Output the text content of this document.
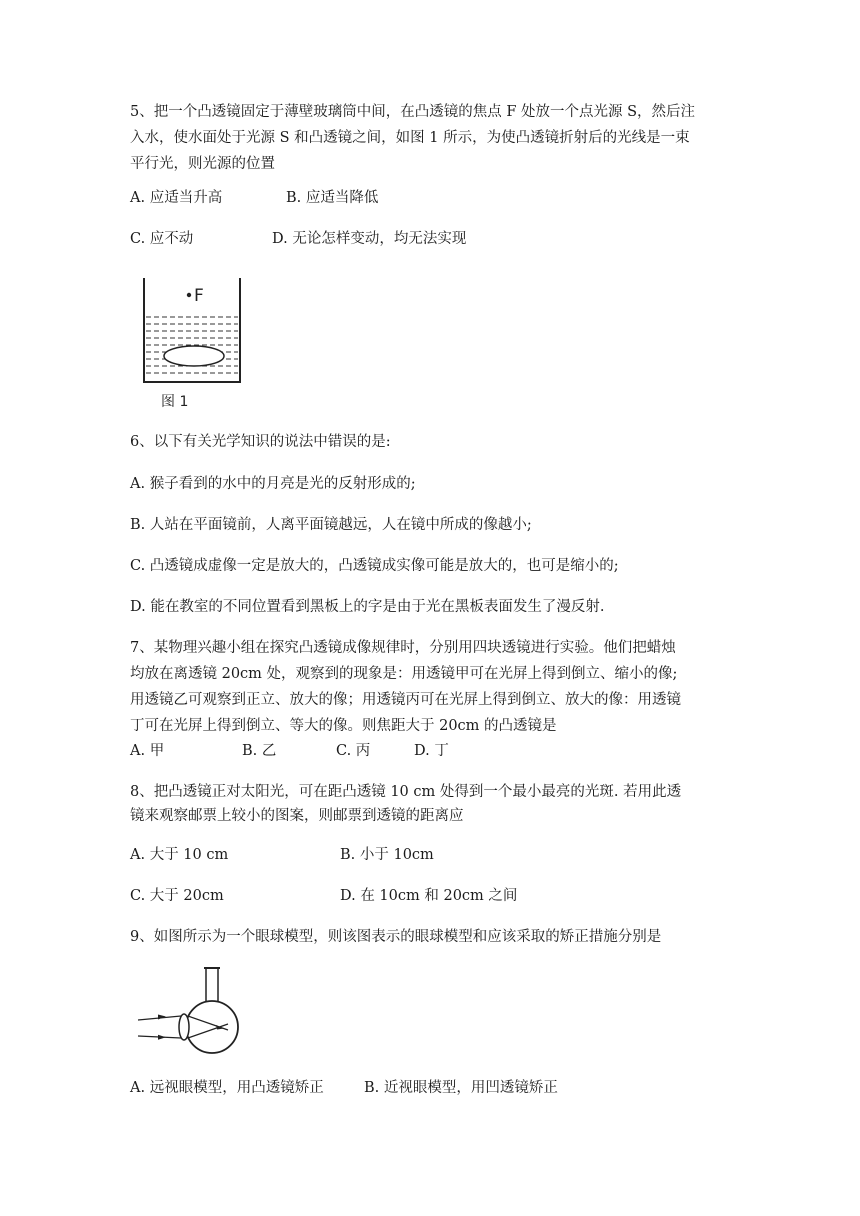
5、把一个凸透镜固定于薄壁玻璃筒中间，在凸透镜的焦点 F 处放一个点光源 S，然后注
入水，使水面处于光源 S 和凸透镜之间，如图 1 所示，为使凸透镜折射后的光线是一束
平行光，则光源的位置
A. 应适当升高	B. 应适当降低
C. 应不动	D. 无论怎样变动，均无法实现
F
图 1
6、以下有关光学知识的说法中错误的是:
A. 猴子看到的水中的月亮是光的反射形成的;
B. 人站在平面镜前，人离平面镜越远，人在镜中所成的像越小;
C. 凸透镜成虚像一定是放大的，凸透镜成实像可能是放大的，也可是缩小的;
D. 能在教室的不同位置看到黑板上的字是由于光在黑板表面发生了漫反射.
7、某物理兴趣小组在探究凸透镜成像规律时，分别用四块透镜进行实验。他们把蜡烛
均放在离透镜 20cm 处，观察到的现象是：用透镜甲可在光屏上得到倒立、缩小的像;
用透镜乙可观察到正立、放大的像；用透镜丙可在光屏上得到倒立、放大的像：用透镜
丁可在光屏上得到倒立、等大的像。则焦距大于 20cm 的凸透镜是
A. 甲	B. 乙	C. 丙	D. 丁
8、把凸透镜正对太阳光，可在距凸透镜 10 cm 处得到一个最小最亮的光斑. 若用此透
镜来观察邮票上较小的图案，则邮票到透镜的距离应
A. 大于 10 cm	B. 小于 10cm
C. 大于 20cm	D. 在 10cm 和 20cm 之间
9、如图所示为一个眼球模型，则该图表示的眼球模型和应该采取的矫正措施分别是
A. 远视眼模型，用凸透镜矫正	B. 近视眼模型，用凹透镜矫正
